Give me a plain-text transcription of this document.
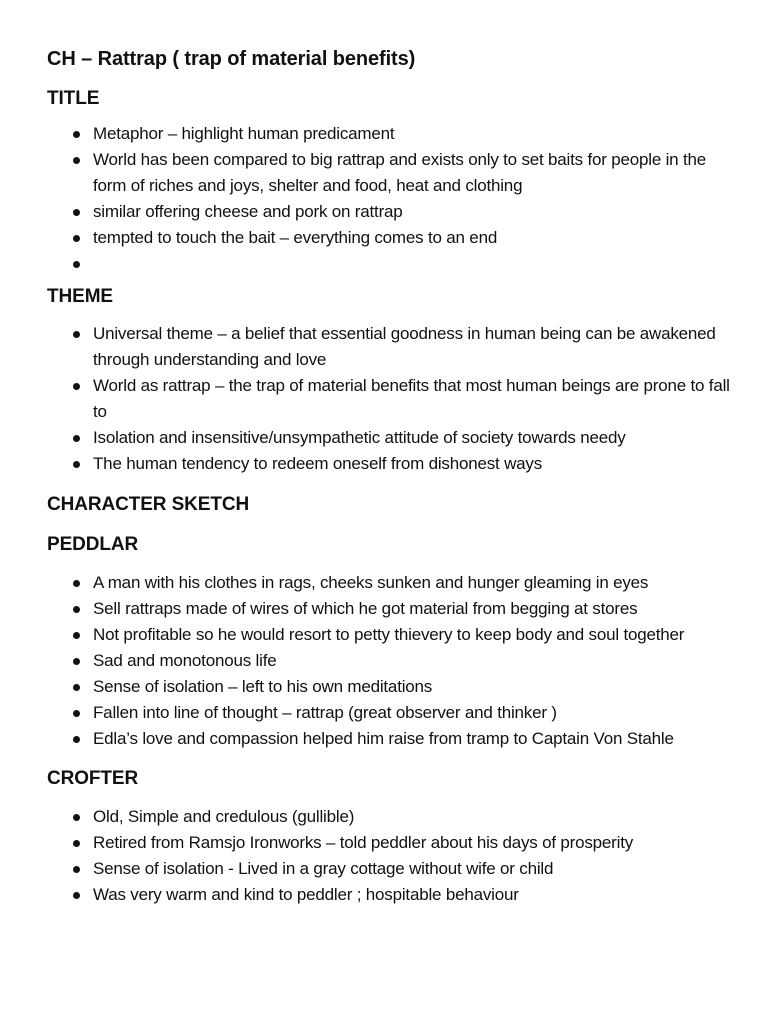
CH – Rattrap ( trap of material benefits)
TITLE
Metaphor – highlight human predicament
World has been compared to big rattrap and exists only to set baits for people in the form of riches and joys, shelter and food, heat and clothing
similar offering cheese and pork on rattrap
tempted to touch the bait – everything comes to an end
THEME
Universal theme – a belief that essential goodness in human being can be awakened through understanding and love
World as rattrap – the trap of material benefits that most human beings are prone to fall to
Isolation and insensitive/unsympathetic attitude of society towards needy
The human tendency to redeem oneself from dishonest ways
CHARACTER SKETCH
PEDDLAR
A man with his clothes in rags, cheeks sunken and hunger gleaming in eyes
Sell rattraps made of wires of which he got material from begging at stores
Not profitable so he would resort to petty thievery to keep body and soul together
Sad and monotonous life
Sense of isolation – left to his own meditations
Fallen into line of thought – rattrap (great observer and thinker )
Edla’s love and compassion helped him raise from tramp to Captain Von Stahle
CROFTER
Old, Simple and credulous (gullible)
Retired from Ramsjo Ironworks – told peddler about his days of prosperity
Sense of isolation - Lived in a gray cottage without wife or child
Was very warm and kind to peddler ; hospitable behaviour
